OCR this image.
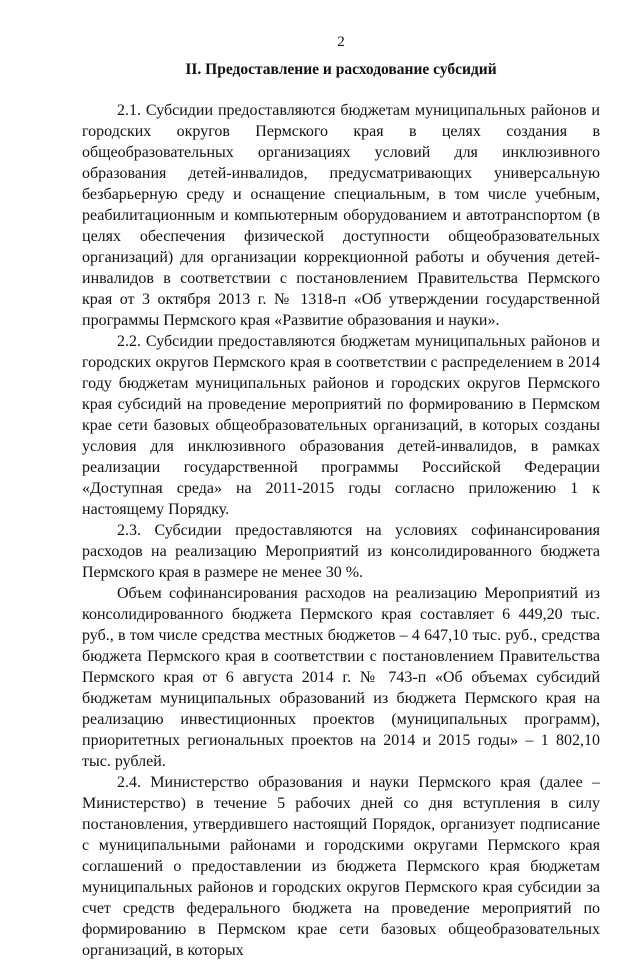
2
II. Предоставление и расходование субсидий

2.1. Субсидии предоставляются бюджетам муниципальных районов и городских округов Пермского края в целях создания в общеобразовательных организациях условий для инклюзивного образования детей-инвалидов, предусматривающих универсальную безбарьерную среду и оснащение специальным, в том числе учебным, реабилитационным и компьютерным оборудованием и автотранспортом (в целях обеспечения физической доступности общеобразовательных организаций) для организации коррекционной работы и обучения детей-инвалидов в соответствии с постановлением Правительства Пермского края от 3 октября 2013 г. № 1318-п «Об утверждении государственной программы Пермского края «Развитие образования и науки».

2.2. Субсидии предоставляются бюджетам муниципальных районов и городских округов Пермского края в соответствии с распределением в 2014 году бюджетам муниципальных районов и городских округов Пермского края субсидий на проведение мероприятий по формированию в Пермском крае сети базовых общеобразовательных организаций, в которых созданы условия для инклюзивного образования детей-инвалидов, в рамках реализации государственной программы Российской Федерации «Доступная среда» на 2011-2015 годы согласно приложению 1 к настоящему Порядку.

2.3. Субсидии предоставляются на условиях софинансирования расходов на реализацию Мероприятий из консолидированного бюджета Пермского края в размере не менее 30 %.

Объем софинансирования расходов на реализацию Мероприятий из консолидированного бюджета Пермского края составляет 6 449,20 тыс. руб., в том числе средства местных бюджетов – 4 647,10 тыс. руб., средства бюджета Пермского края в соответствии с постановлением Правительства Пермского края от 6 августа 2014 г. № 743-п «Об объемах субсидий бюджетам муниципальных образований из бюджета Пермского края на реализацию инвестиционных проектов (муниципальных программ), приоритетных региональных проектов на 2014 и 2015 годы» – 1 802,10 тыс. рублей.

2.4. Министерство образования и науки Пермского края (далее – Министерство) в течение 5 рабочих дней со дня вступления в силу постановления, утвердившего настоящий Порядок, организует подписание с муниципальными районами и городскими округами Пермского края соглашений о предоставлении из бюджета Пермского края бюджетам муниципальных районов и городских округов Пермского края субсидии за счет средств федерального бюджета на проведение мероприятий по формированию в Пермском крае сети базовых общеобразовательных организаций, в которых
